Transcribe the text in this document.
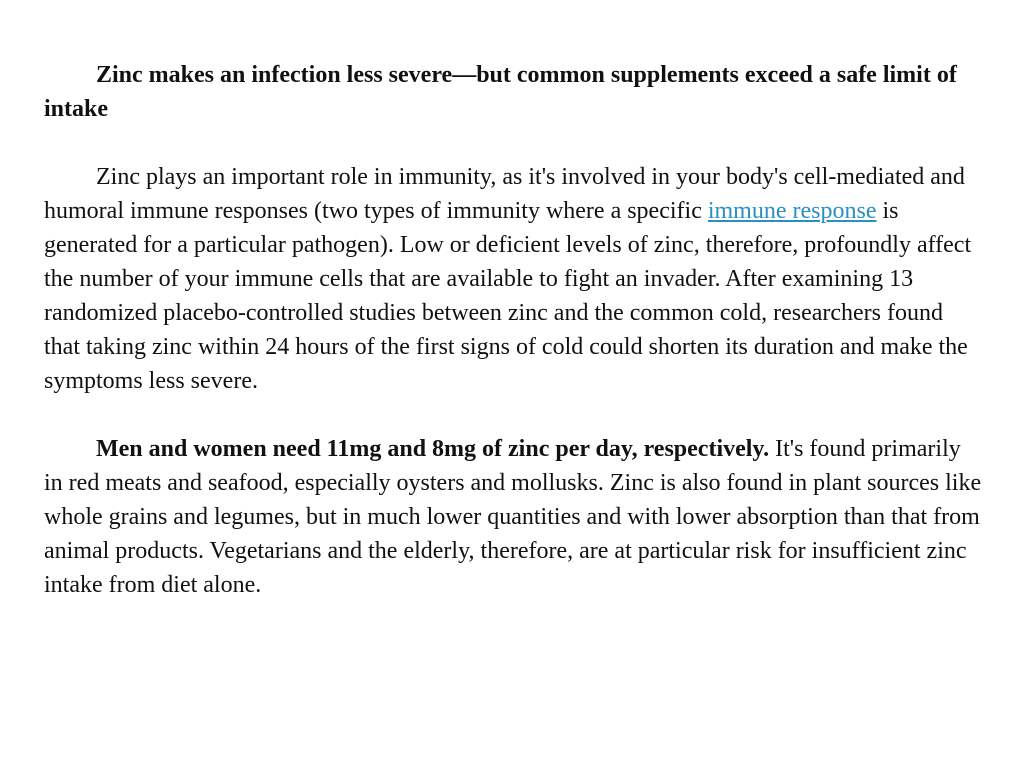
Zinc makes an infection less severe—but common supplements exceed a safe limit of intake

Zinc plays an important role in immunity, as it's involved in your body's cell-mediated and humoral immune responses (two types of immunity where a specific immune response is generated for a particular pathogen). Low or deficient levels of zinc, therefore, profoundly affect the number of your immune cells that are available to fight an invader. After examining 13 randomized placebo-controlled studies between zinc and the common cold, researchers found that taking zinc within 24 hours of the first signs of cold could shorten its duration and make the symptoms less severe.

Men and women need 11mg and 8mg of zinc per day, respectively. It's found primarily in red meats and seafood, especially oysters and mollusks. Zinc is also found in plant sources like whole grains and legumes, but in much lower quantities and with lower absorption than that from animal products. Vegetarians and the elderly, therefore, are at particular risk for insufficient zinc intake from diet alone.
